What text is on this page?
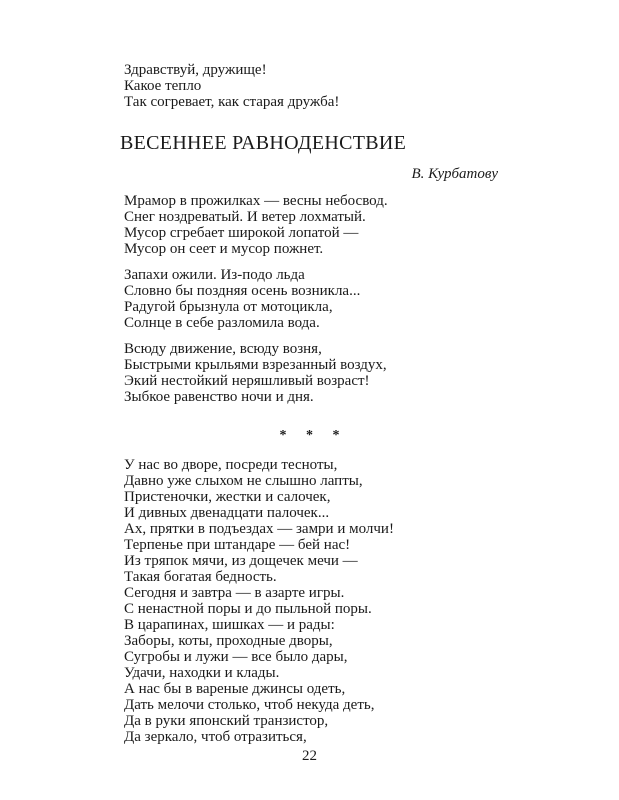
Здравствуй, дружище!
Какое тепло
Так согревает, как старая дружба!
ВЕСЕННЕЕ РАВНОДЕНСТВИЕ
В. Курбатову
Мрамор в прожилках — весны небосвод.
Снег ноздреватый. И ветер лохматый.
Мусор сгребает широкой лопатой —
Мусор он сеет и мусор пожнет.
Запахи ожили. Из-подо льда
Словно бы поздняя осень возникла...
Радугой брызнула от мотоцикла,
Солнце в себе разломила вода.
Всюду движение, всюду возня,
Быстрыми крыльями взрезанный воздух,
Экий нестойкий неряшливый возраст!
Зыбкое равенство ночи и дня.
* * *
У нас во дворе, посреди тесноты,
Давно уже слыхом не слышно лапты,
Пристеночки, жестки и салочек,
И дивных двенадцати палочек...
Ах, прятки в подъездах — замри и молчи!
Терпенье при штандаре — бей нас!
Из тряпок мячи, из дощечек мечи —
Такая богатая бедность.
Сегодня и завтра — в азарте игры.
С ненастной поры и до пыльной поры.
В царапинах, шишках — и рады:
Заборы, коты, проходные дворы,
Сугробы и лужи — все было дары,
Удачи, находки и клады.
А нас бы в вареные джинсы одеть,
Дать мелочи столько, чтоб некуда деть,
Да в руки японский транзистор,
Да зеркало, чтоб отразиться,
22
